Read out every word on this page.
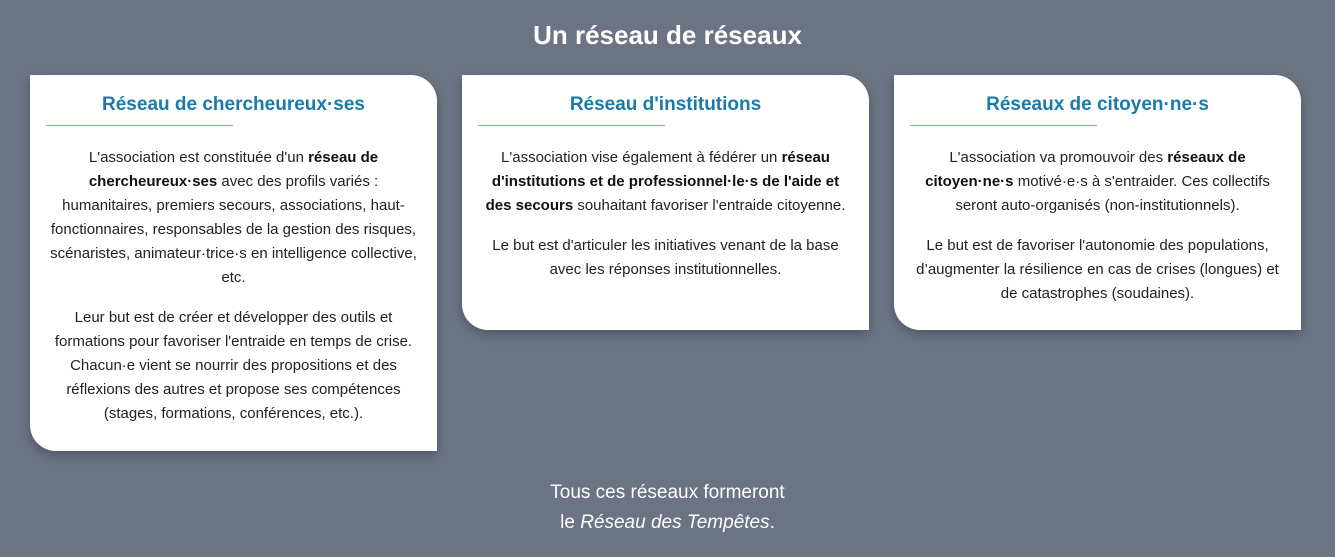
Un réseau de réseaux
Réseau de chercheureux·ses

L'association est constituée d'un réseau de chercheureux·ses avec des profils variés : humanitaires, premiers secours, associations, haut-fonctionnaires, responsables de la gestion des risques, scénaristes, animateur·trice·s en intelligence collective, etc.

Leur but est de créer et développer des outils et formations pour favoriser l'entraide en temps de crise. Chacun·e vient se nourrir des propositions et des réflexions des autres et propose ses compétences (stages, formations, conférences, etc.).

Réseau d'institutions

L'association vise également à fédérer un réseau d'institutions et de professionnel·le·s de l'aide et des secours souhaitant favoriser l'entraide citoyenne.

Le but est d'articuler les initiatives venant de la base avec les réponses institutionnelles.

Réseaux de citoyen·ne·s

L'association va promouvoir des réseaux de citoyen·ne·s motivé·e·s à s'entraider. Ces collectifs seront auto-organisés (non-institutionnels).

Le but est de favoriser l'autonomie des populations, d’augmenter la résilience en cas de crises (longues) et de catastrophes (soudaines).

Tous ces réseaux formeront
le Réseau des Tempêtes.
